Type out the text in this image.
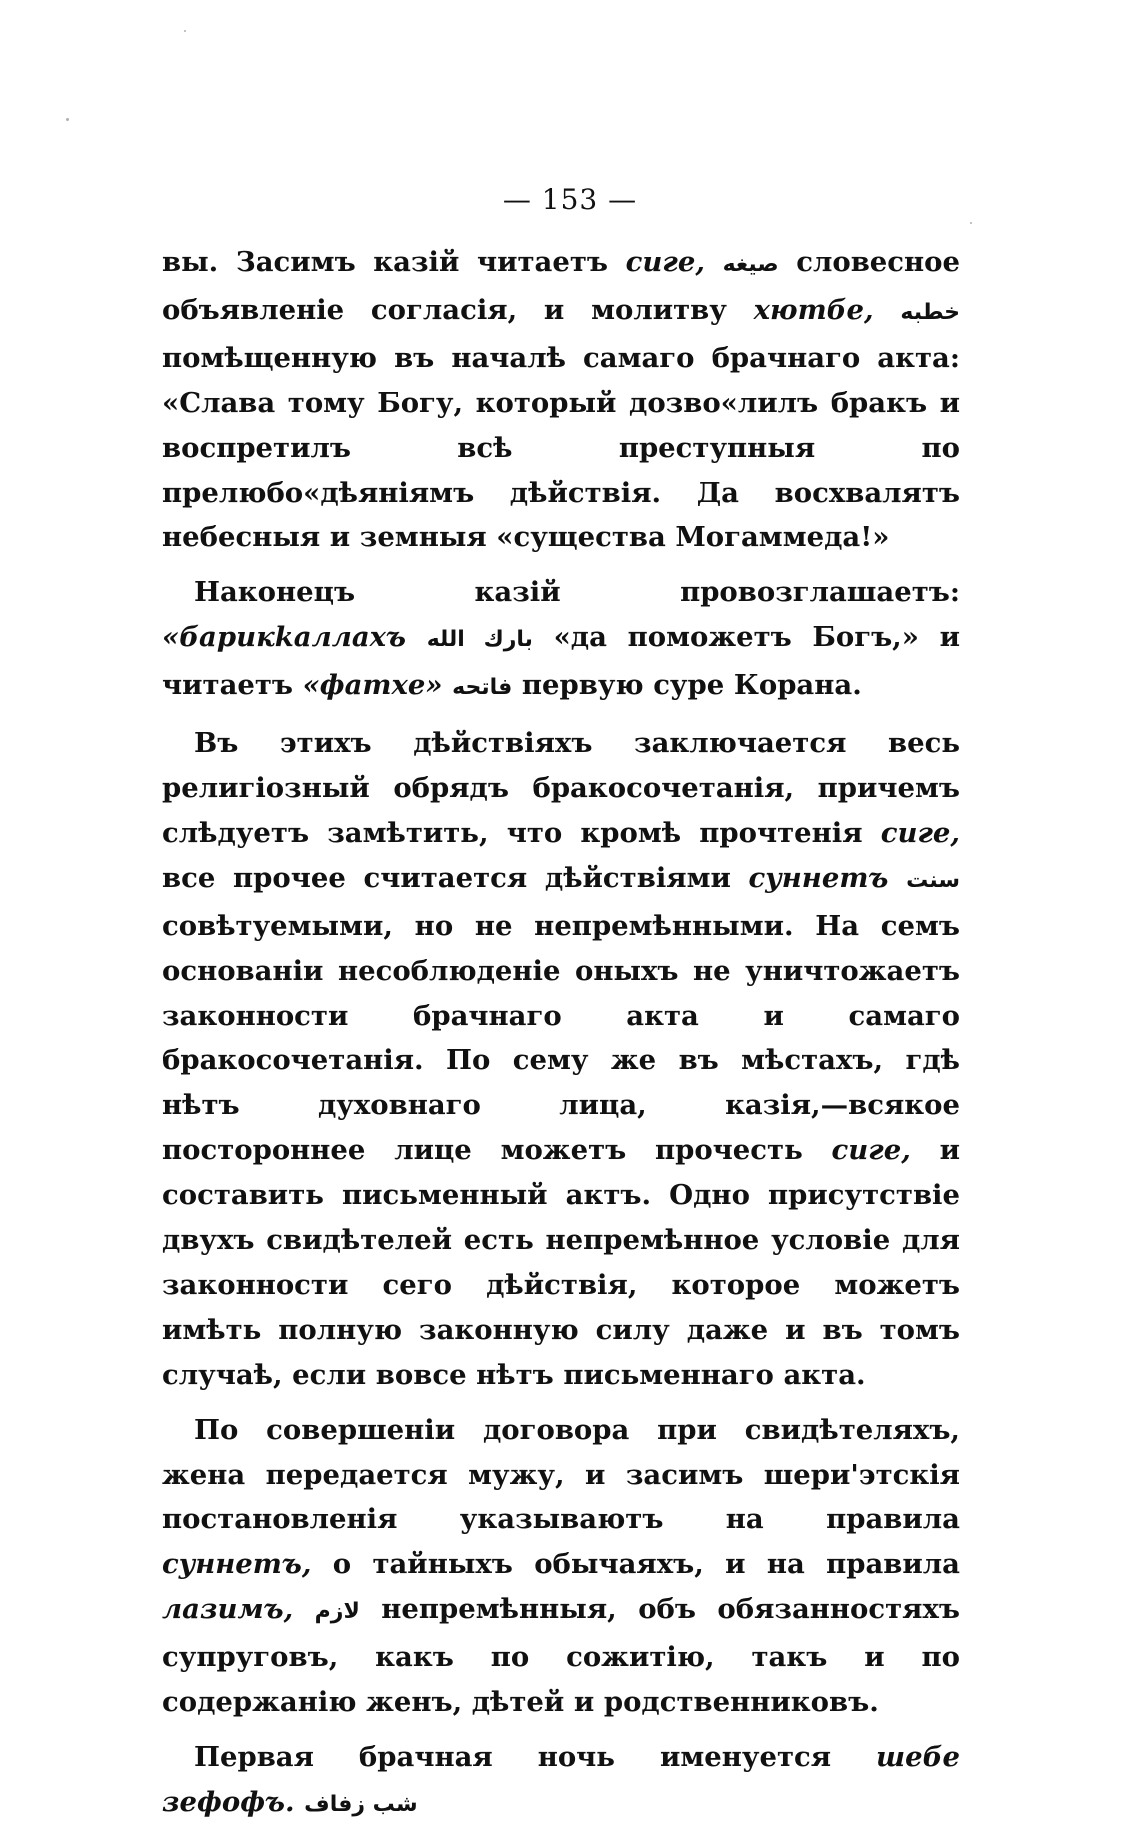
— 153 —

вы. Засимъ казій читаетъ сиге, صيغه словесное объявленіе согласія, и молитву хютбе, خطبه помѣщенную въ началѣ самаго брачнаго акта: «Слава тому Богу, который дозво«лилъ бракъ и воспретилъ всѣ преступныя по прелюбо«дѣяніямъ дѣйствія. Да восхвалятъ небесныя и земныя «существа Могаммеда!»

Наконецъ казій провозглашаетъ: «барикkаллахъ بارك الله «да поможетъ Богъ,» и читаетъ «фатхе» فاتحه первую суре Корана.

Въ этихъ дѣйствіяхъ заключается весь религіозный обрядъ бракосочетанія, причемъ слѣдуетъ замѣтить, что кромѣ прочтенія сиге, все прочее считается дѣйствіями суннетъ سنت совѣтуемыми, но не непремѣнными. На семъ основаніи несоблюденіе оныхъ не уничтожаетъ законности брачнаго акта и самаго бракосочетанія. По сему же въ мѣстахъ, гдѣ нѣтъ духовнаго лица, казія,—всякое постороннее лице можетъ прочесть сиге, и составить письменный актъ. Одно присутствіе двухъ свидѣтелей есть непремѣнное условіе для законности сего дѣйствія, которое можетъ имѣть полную законную силу даже и въ томъ случаѣ, если вовсе нѣтъ письменнаго акта.

По совершеніи договора при свидѣтеляхъ, жена передается мужу, и засимъ шери'этскія постановленія указываютъ на правила суннетъ, о тайныхъ обычаяхъ, и на правила лазимъ, لازم непремѣнныя, объ обязанностяхъ супруговъ, какъ по сожитію, такъ и по содержанію женъ, дѣтей и родственниковъ.

Первая брачная ночь именуется шебе зефофъ. شب زفاف
